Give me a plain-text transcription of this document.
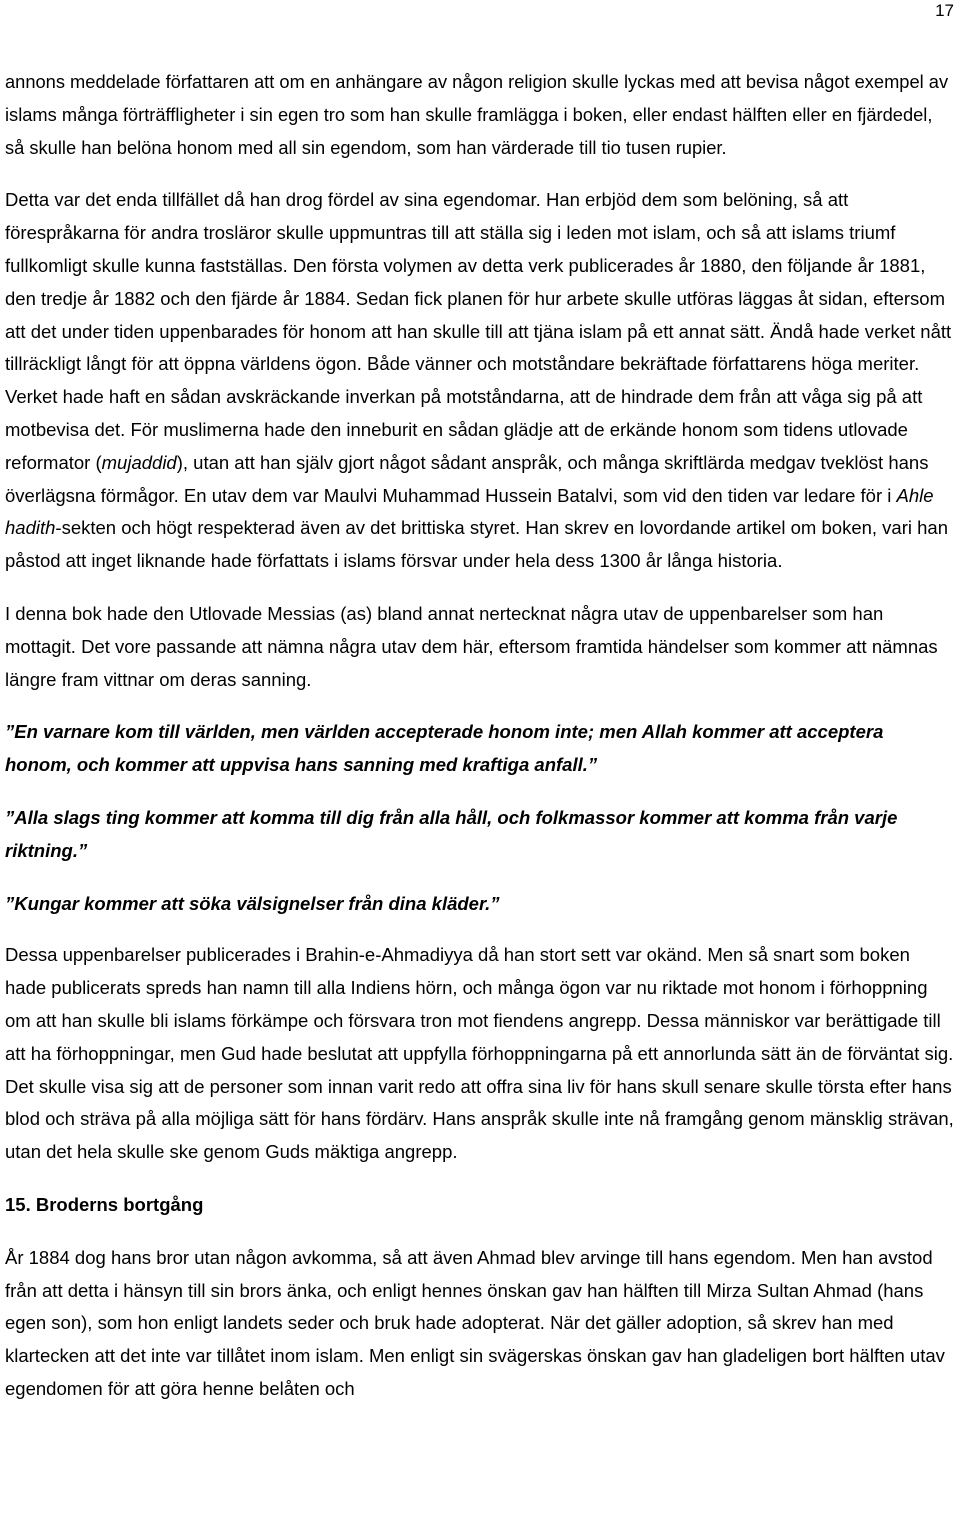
17

annons meddelade författaren att om en anhängare av någon religion skulle lyckas med att bevisa något exempel av islams många förträffligheter i sin egen tro som han skulle framlägga i boken, eller endast hälften eller en fjärdedel, så skulle han belöna honom med all sin egendom, som han värderade till tio tusen rupier.

Detta var det enda tillfället då han drog fördel av sina egendomar. Han erbjöd dem som belöning, så att förespråkarna för andra trosläror skulle uppmuntras till att ställa sig i leden mot islam, och så att islams triumf fullkomligt skulle kunna fastställas. Den första volymen av detta verk publicerades år 1880, den följande år 1881, den tredje år 1882 och den fjärde år 1884. Sedan fick planen för hur arbete skulle utföras läggas åt sidan, eftersom att det under tiden uppenbarades för honom att han skulle till att tjäna islam på ett annat sätt. Ändå hade verket nått tillräckligt långt för att öppna världens ögon. Både vänner och motståndare bekräftade författarens höga meriter. Verket hade haft en sådan avskräckande inverkan på motståndarna, att de hindrade dem från att våga sig på att motbevisa det. För muslimerna hade den inneburit en sådan glädje att de erkände honom som tidens utlovade reformator (mujaddid), utan att han själv gjort något sådant anspråk, och många skriftlärda medgav tveklöst hans överlägsna förmågor. En utav dem var Maulvi Muhammad Hussein Batalvi, som vid den tiden var ledare för i Ahle hadith-sekten och högt respekterad även av det brittiska styret. Han skrev en lovordande artikel om boken, vari han påstod att inget liknande hade författats i islams försvar under hela dess 1300 år långa historia.

I denna bok hade den Utlovade Messias (as) bland annat nertecknat några utav de uppenbarelser som han mottagit. Det vore passande att nämna några utav dem här, eftersom framtida händelser som kommer att nämnas längre fram vittnar om deras sanning.

”En varnare kom till världen, men världen accepterade honom inte; men Allah kommer att acceptera honom, och kommer att uppvisa hans sanning med kraftiga anfall.”

”Alla slags ting kommer att komma till dig från alla håll, och folkmassor kommer att komma från varje riktning.”

”Kungar kommer att söka välsignelser från dina kläder.”

Dessa uppenbarelser publicerades i Brahin-e-Ahmadiyya då han stort sett var okänd. Men så snart som boken hade publicerats spreds han namn till alla Indiens hörn, och många ögon var nu riktade mot honom i förhoppning om att han skulle bli islams förkämpe och försvara tron mot fiendens angrepp. Dessa människor var berättigade till att ha förhoppningar, men Gud hade beslutat att uppfylla förhoppningarna på ett annorlunda sätt än de förväntat sig. Det skulle visa sig att de personer som innan varit redo att offra sina liv för hans skull senare skulle törsta efter hans blod och sträva på alla möjliga sätt för hans fördärv. Hans anspråk skulle inte nå framgång genom mänsklig strävan, utan det hela skulle ske genom Guds mäktiga angrepp.

15. Broderns bortgång

År 1884 dog hans bror utan någon avkomma, så att även Ahmad blev arvinge till hans egendom. Men han avstod från att detta i hänsyn till sin brors änka, och enligt hennes önskan gav han hälften till Mirza Sultan Ahmad (hans egen son), som hon enligt landets seder och bruk hade adopterat. När det gäller adoption, så skrev han med klartecken att det inte var tillåtet inom islam. Men enligt sin svägerskas önskan gav han gladeligen bort hälften utav egendomen för att göra henne belåten och
